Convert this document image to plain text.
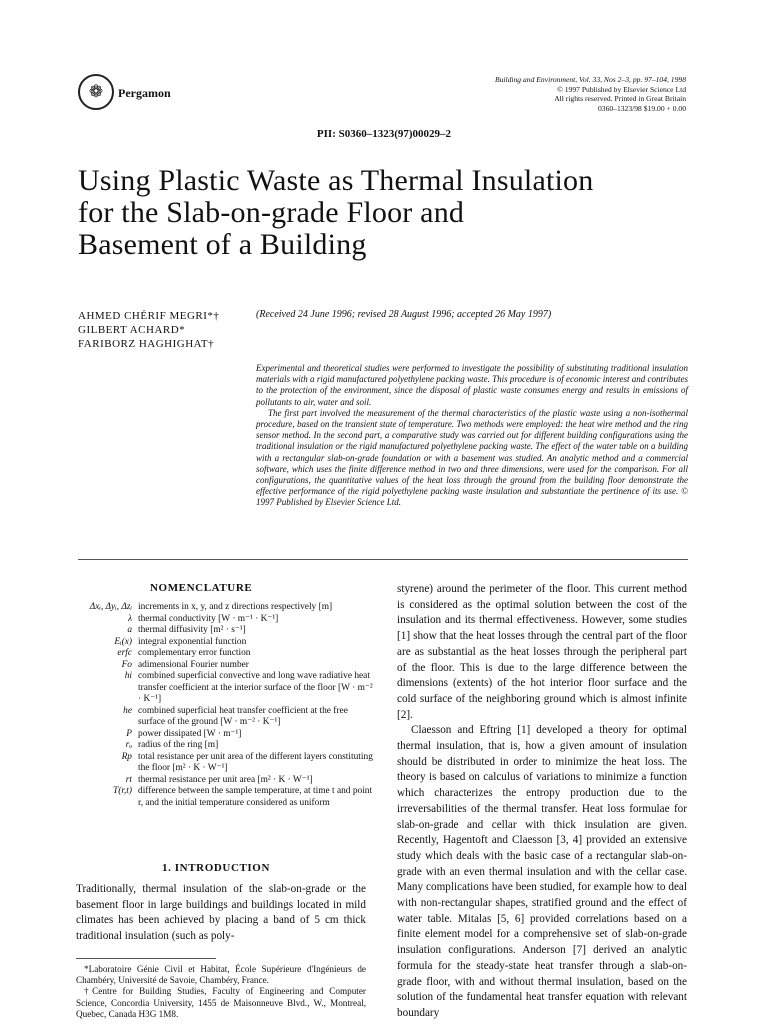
❁ Pergamon
Building and Environment, Vol. 33, Nos 2–3, pp. 97–104, 1998
© 1997 Published by Elsevier Science Ltd
All rights reserved. Printed in Great Britain
0360–1323/98 $19.00 + 0.00
PII: S0360–1323(97)00029–2
Using Plastic Waste as Thermal Insulation
for the Slab-on-grade Floor and
Basement of a Building
AHMED CHÉRIF MEGRI*†
GILBERT ACHARD*
FARIBORZ HAGHIGHAT†
(Received 24 June 1996; revised 28 August 1996; accepted 26 May 1997)

Experimental and theoretical studies were performed to investigate the possibility of substituting traditional insulation materials with a rigid manufactured polyethylene packing waste. This procedure is of economic interest and contributes to the protection of the environment, since the disposal of plastic waste consumes energy and results in emissions of pollutants to air, water and soil.

The first part involved the measurement of the thermal characteristics of the plastic waste using a non-isothermal procedure, based on the transient state of temperature. Two methods were employed: the heat wire method and the ring sensor method. In the second part, a comparative study was carried out for different building configurations using the traditional insulation or the rigid manufactured polyethylene packing waste. The effect of the water table on a building with a rectangular slab-on-grade foundation or with a basement was studied. An analytic method and a commercial software, which uses the finite difference method in two and three dimensions, were used for the comparison. For all configurations, the quantitative values of the heat loss through the ground from the building floor demonstrate the effective performance of the rigid polyethylene packing waste insulation and substantiate the pertinence of its use. © 1997 Published by Elsevier Science Ltd.

NOMENCLATURE
Δxᵢ, Δyᵢ, Δzᵢ increments in x, y, and z directions respectively [m]
λ thermal conductivity [W · m⁻¹ · K⁻¹]
a thermal diffusivity [m² · s⁻¹]
Eᵢ(x) integral exponential function
erfc complementary error function
Fo adimensional Fourier number
hi combined superficial convective and long wave radiative heat transfer coefficient at the interior surface of the floor [W · m⁻² · K⁻¹]
he combined superficial heat transfer coefficient at the free surface of the ground [W · m⁻² · K⁻¹]
P power dissipated [W · m⁻¹]
rₒ radius of the ring [m]
Rp total resistance per unit area of the different layers constituting the floor [m² · K · W⁻¹]
rt thermal resistance per unit area [m² · K · W⁻¹]
T(r,t) difference between the sample temperature, at time t and point r, and the initial temperature considered as uniform
1. INTRODUCTION

Traditionally, thermal insulation of the slab-on-grade or the basement floor in large buildings and buildings located in mild climates has been achieved by placing a band of 5 cm thick traditional insulation (such as poly-

*Laboratoire Génie Civil et Habitat, École Supérieure d'Ingénieurs de Chambéry, Université de Savoie, Chambéry, France.

†Centre for Building Studies, Faculty of Engineering and Computer Science, Concordia University, 1455 de Maisonneuve Blvd., W., Montreal, Quebec, Canada H3G 1M8.

styrene) around the perimeter of the floor. This current method is considered as the optimal solution between the cost of the insulation and its thermal effectiveness. However, some studies [1] show that the heat losses through the central part of the floor are as substantial as the heat losses through the peripheral part of the floor. This is due to the large difference between the dimensions (extents) of the hot interior floor surface and the cold surface of the neighboring ground which is almost infinite [2].

Claesson and Eftring [1] developed a theory for optimal thermal insulation, that is, how a given amount of insulation should be distributed in order to minimize the heat loss. The theory is based on calculus of variations to minimize a function which characterizes the entropy production due to the irreversabilities of the thermal transfer. Heat loss formulae for slab-on-grade and cellar with thick insulation are given. Recently, Hagentoft and Claesson [3, 4] provided an extensive study which deals with the basic case of a rectangular slab-on-grade with an even thermal insulation and with the cellar case. Many complications have been studied, for example how to deal with non-rectangular shapes, stratified ground and the effect of water table. Mitalas [5, 6] provided correlations based on a finite element model for a comprehensive set of slab-on-grade insulation configurations. Anderson [7] derived an analytic formula for the steady-state heat transfer through a slab-on-grade floor, with and without thermal insulation, based on the solution of the fundamental heat transfer equation with relevant boundary
